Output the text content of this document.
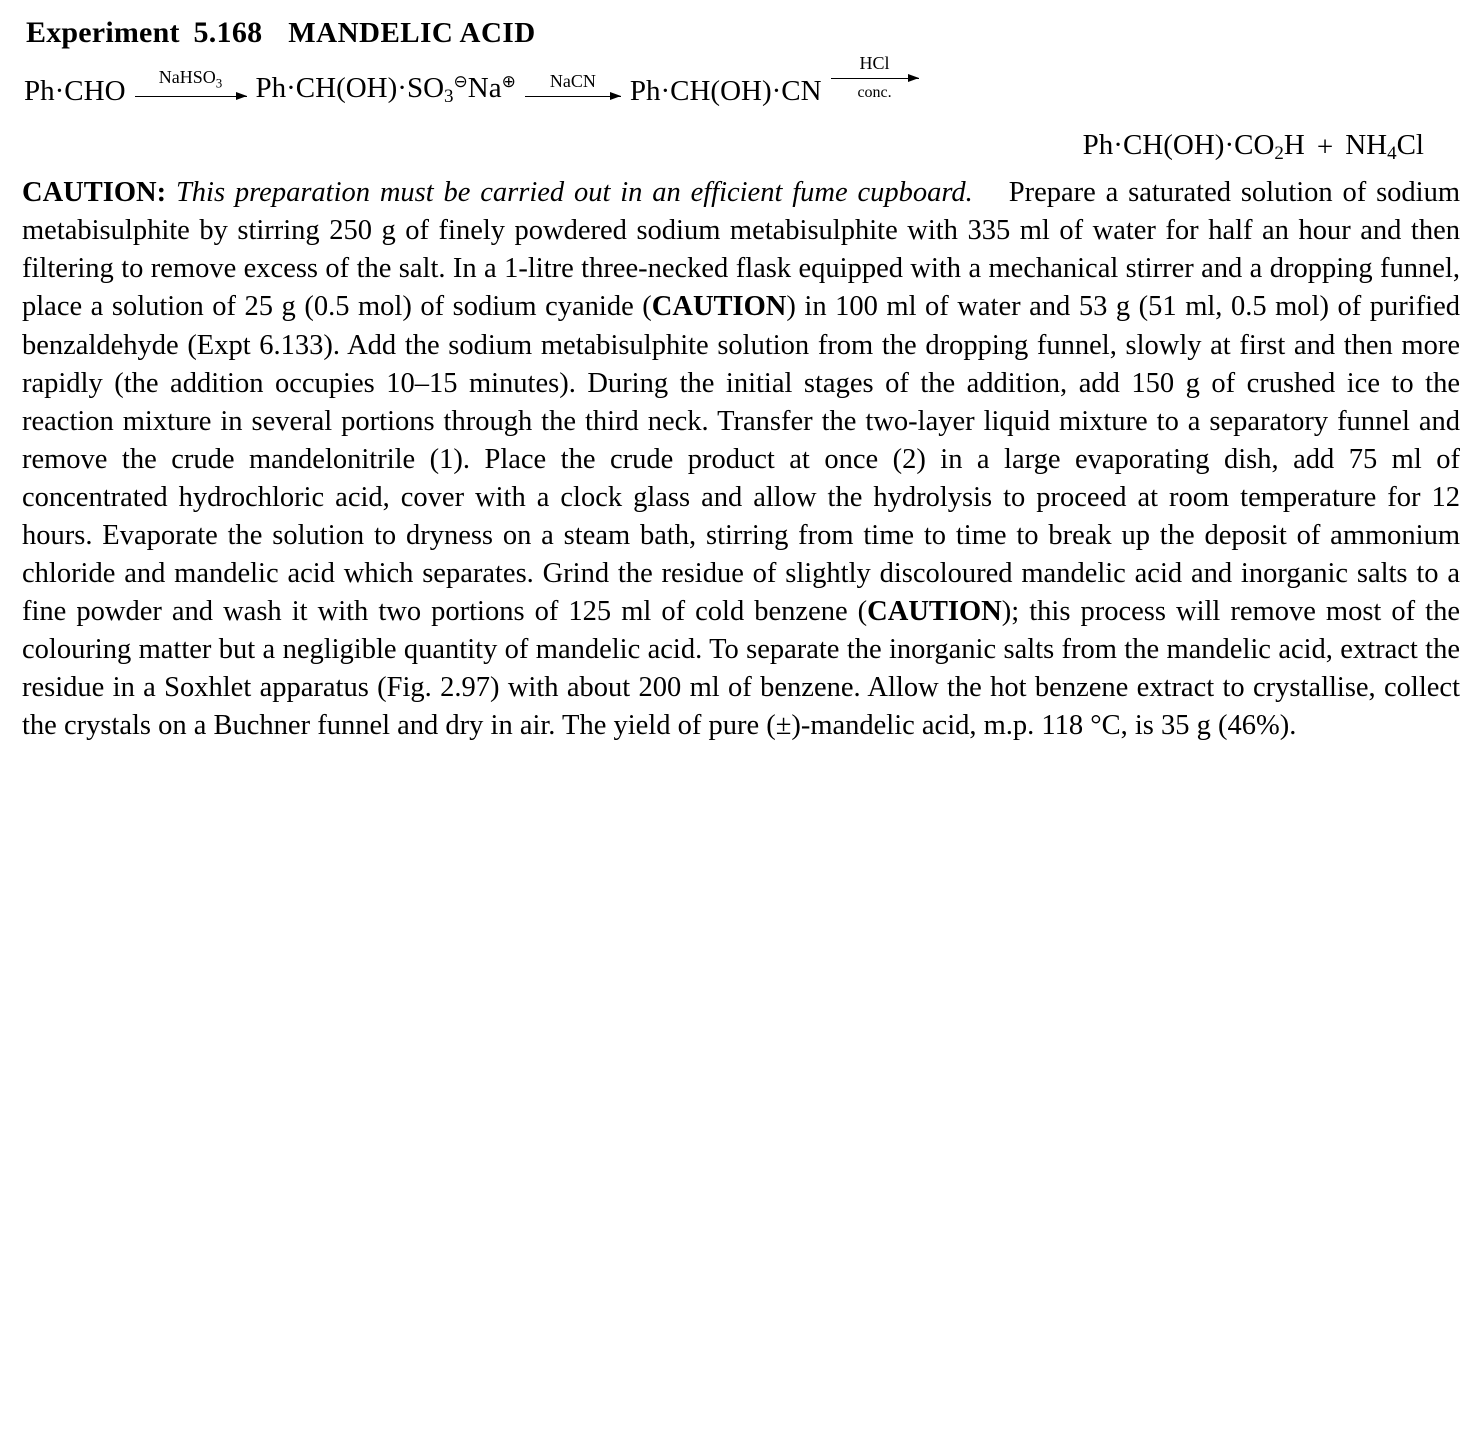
Experiment 5.168 MANDELIC ACID
Ph·CHO NaHSO$_3$ $Ph\cdot CH(OH)\cdot SO_3⊖Na\oplus$ NaCN Ph·CH(OH)·CN
HCl
conc.
$Ph\cdot CH(OH)\cdot CO_2H + NH_4Cl$

CAUTION: This preparation must be carried out in an efficient fume cupboard. Prepare a saturated solution of sodium metabisulphite by stirring 250 g of finely powdered sodium metabisulphite with 335 ml of water for half an hour and then filtering to remove excess of the salt. In a 1-litre three-necked flask equipped with a mechanical stirrer and a dropping funnel, place a solution of 25 g (0.5 mol) of sodium cyanide (CAUTION) in 100 ml of water and 53 g (51 ml, 0.5 mol) of purified benzaldehyde (Expt 6.133). Add the sodium metabisulphite solution from the dropping funnel, slowly at first and then more rapidly (the addition occupies 10–15 minutes). During the initial stages of the addition, add 150 g of crushed ice to the reaction mixture in several portions through the third neck. Transfer the two-layer liquid mixture to a separatory funnel and remove the crude mandelonitrile (1). Place the crude product at once (2) in a large evaporating dish, add 75 ml of concentrated hydrochloric acid, cover with a clock glass and allow the hydrolysis to proceed at room temperature for 12 hours. Evaporate the solution to dryness on a steam bath, stirring from time to time to break up the deposit of ammonium chloride and mandelic acid which separates. Grind the residue of slightly discoloured mandelic acid and inorganic salts to a fine powder and wash it with two portions of 125 ml of cold benzene (CAUTION); this process will remove most of the colouring matter but a negligible quantity of mandelic acid. To separate the inorganic salts from the mandelic acid, extract the residue in a Soxhlet apparatus (Fig. 2.97) with about 200 ml of benzene. Allow the hot benzene extract to crystallise, collect the crystals on a Buchner funnel and dry in air. The yield of pure (±)-mandelic acid, m.p. 118 °C, is 35 g (46%).
